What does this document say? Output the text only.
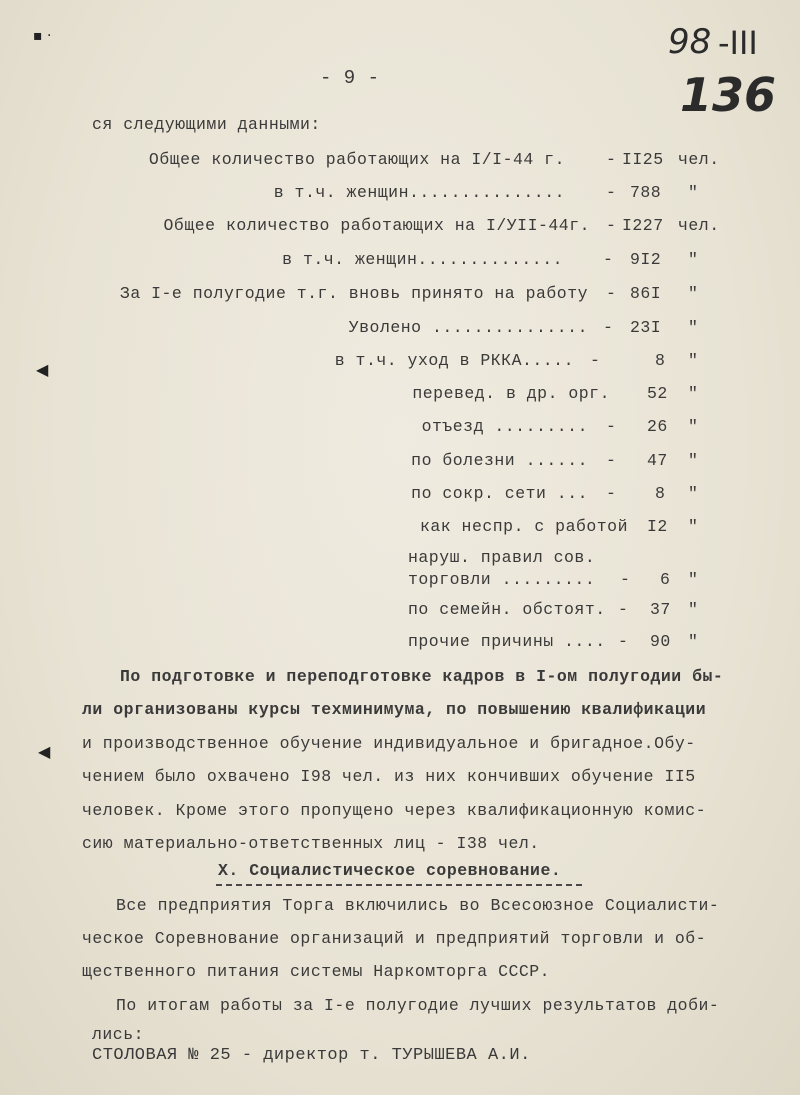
▪ ·
◀
◀
- 9 -
98 -III
136
ся следующими данными:
Общее количество работающих на I/I-44 г. - II25 чел.
в т.ч. женщин............... - 788 "
Общее количество работающих на I/УII-44г. - I227 чел.
в т.ч. женщин.............. - 9I2 "
За I-е полугодие т.г. вновь принято на работу - 86I "
Уволено ............... - 23I "
в т.ч. уход в РККА..... -	8 "
перевед. в др. орг. 52 "
отъезд ......... - 26 "
по болезни ...... - 47 "
по сокр. сети ... - 8 "
как неспр. с работой I2 "
наруш. правил сов.
торговли ......... - 6 "
по семейн. обстоят. - 37 "
прочие причины .... - 90 "
По подготовке и переподготовке кадров в I-ом полугодии бы-
ли организованы курсы техминимума, по повышению квалификации
и производственное обучение индивидуальное и бригадное.Обу-
чением было охвачено I98 чел. из них кончивших обучение II5
человек. Кроме этого пропущено через квалификационную комис-
сию материально-ответственных лиц - I38 чел.
X. Социалистическое соревнование.
Все предприятия Торга включились во Всесоюзное Социалисти-
ческое Соревнование организаций и предприятий торговли и об-
щественного питания системы Наркомторга СССР.
По итогам работы за I-е полугодие лучших результатов доби-
лись:
СТОЛОВАЯ № 25 - директор т. ТУРЫШЕВА А.И.
